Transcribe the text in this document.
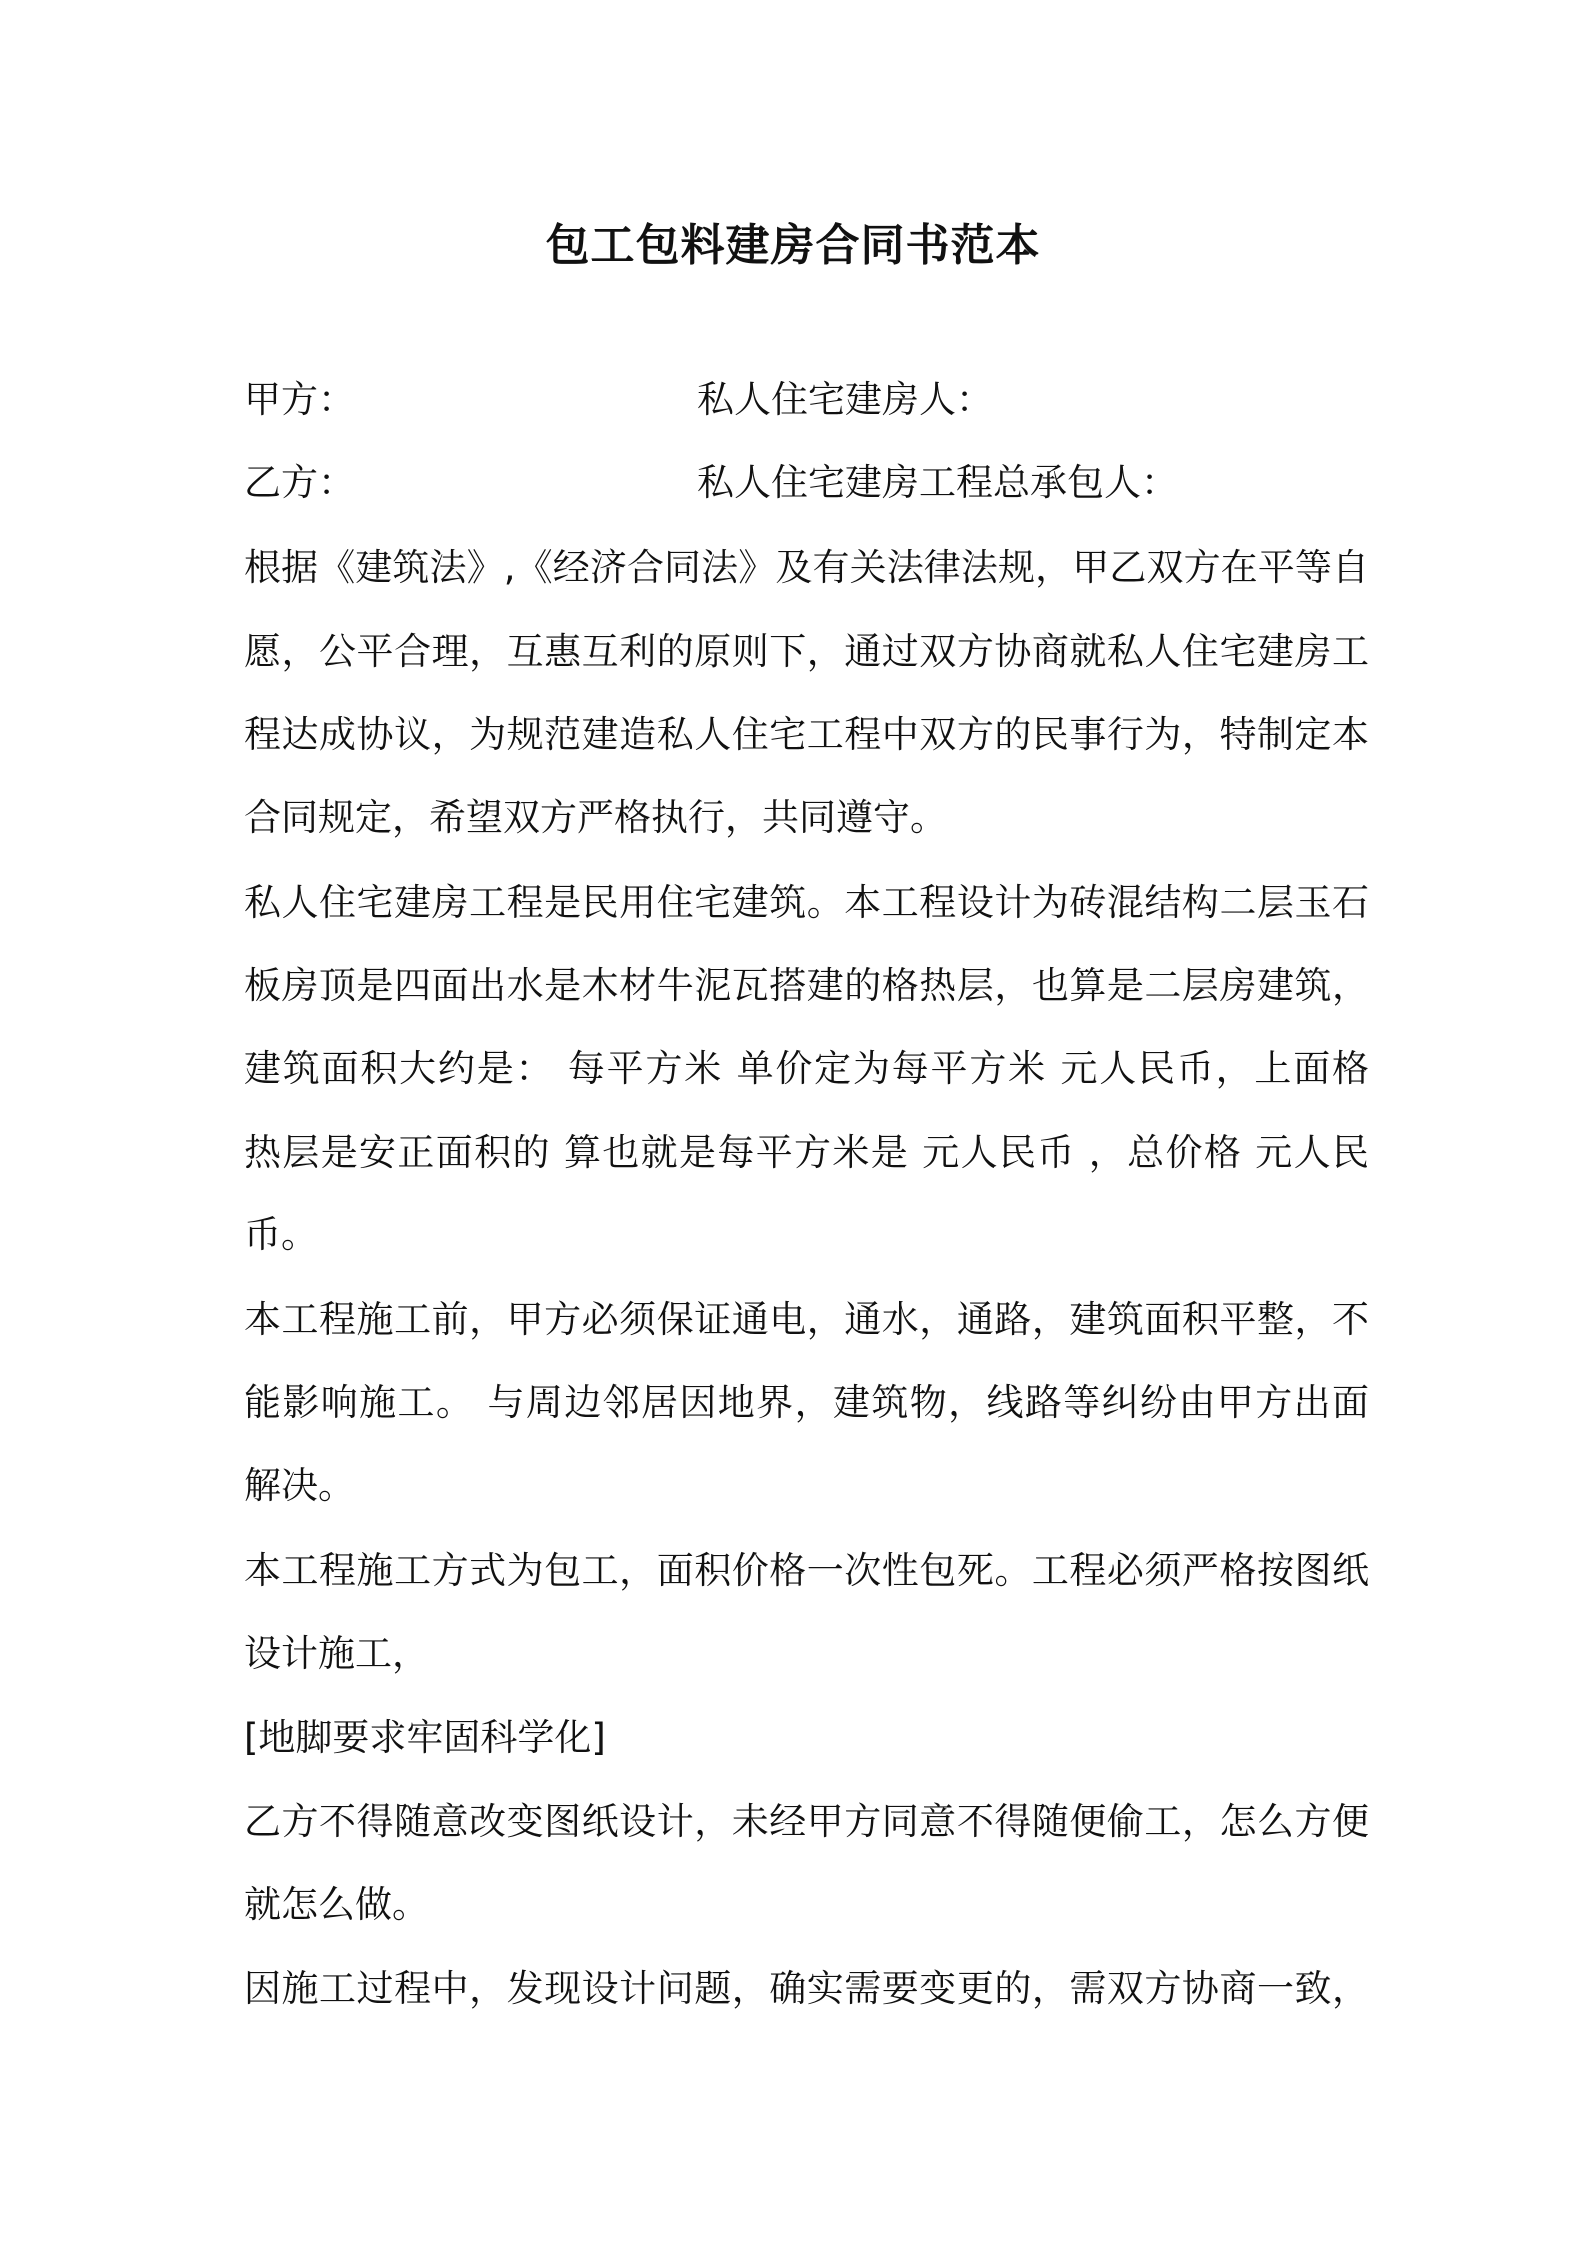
包工包料建房合同书范本
甲方：	私人住宅建房人：
乙方：	私人住宅建房工程总承包人：
根据《建筑法》,《经济合同法》及有关法律法规，甲乙双方在平等自
愿，公平合理，互惠互利的原则下，通过双方协商就私人住宅建房工
程达成协议，为规范建造私人住宅工程中双方的民事行为，特制定本
合同规定，希望双方严格执行，共同遵守。
私人住宅建房工程是民用住宅建筑。本工程设计为砖混结构二层玉石
板房顶是四面出水是木材牛泥瓦搭建的格热层，也算是二层房建筑，
建筑面积大约是： 每平方米 单价定为每平方米 元人民币，上面格
热层是安正面积的 算也就是每平方米是 元人民币 ，总价格 元人民
币。
本工程施工前，甲方必须保证通电，通水，通路，建筑面积平整，不
能影响施工。 与周边邻居因地界，建筑物，线路等纠纷由甲方出面
解决。
本工程施工方式为包工，面积价格一次性包死。工程必须严格按图纸
设计施工，
[地脚要求牢固科学化]
乙方不得随意改变图纸设计，未经甲方同意不得随便偷工，怎么方便
就怎么做。
因施工过程中，发现设计问题，确实需要变更的，需双方协商一致，
